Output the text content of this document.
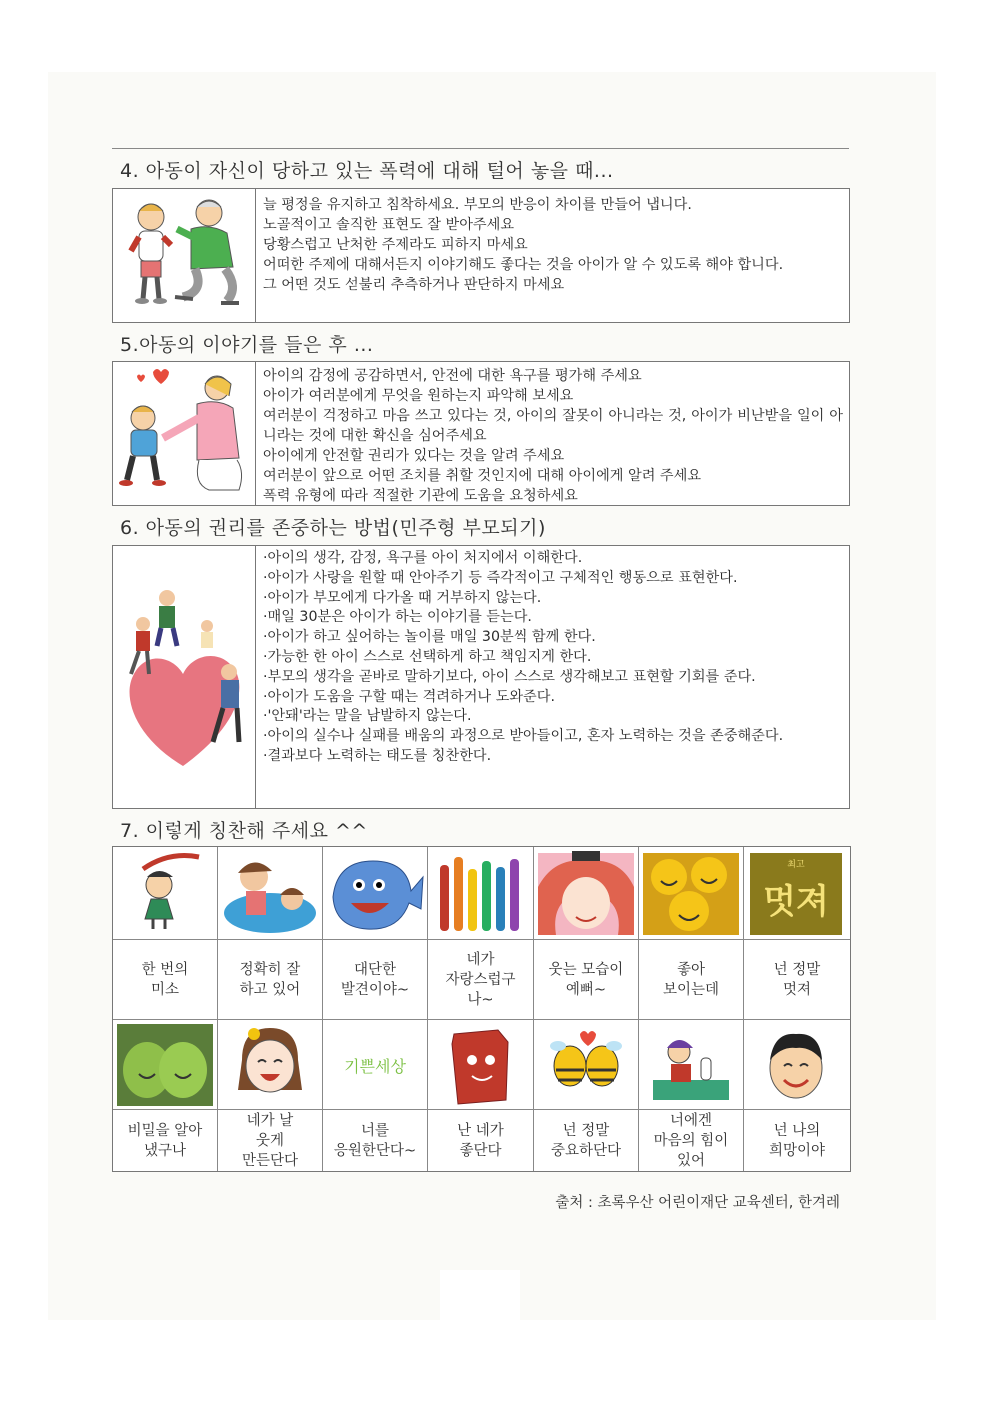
4. 아동이 자신이 당하고 있는 폭력에 대해 털어 놓을 때...
늘 평정을 유지하고 침착하세요. 부모의 반응이 차이를 만들어 냅니다.
노골적이고 솔직한 표현도 잘 받아주세요
당황스럽고 난처한 주제라도 피하지 마세요
어떠한 주제에 대해서든지 이야기해도 좋다는 것을 아이가 알 수 있도록 해야 합니다.
그 어떤 것도 섣불리 추측하거나 판단하지 마세요
5.아동의 이야기를 들은 후 ...
아이의 감정에 공감하면서, 안전에 대한 욕구를 평가해 주세요
아이가 여러분에게 무엇을 원하는지 파악해 보세요
여러분이 걱정하고 마음 쓰고 있다는 것, 아이의 잘못이 아니라는 것, 아이가 비난받을 일이 아니라는 것에 대한 확신을 심어주세요
아이에게 안전할 권리가 있다는 것을 알려 주세요
여러분이 앞으로 어떤 조치를 취할 것인지에 대해 아이에게 알려 주세요
폭력 유형에 따라 적절한 기관에 도움을 요청하세요
6. 아동의 권리를 존중하는 방법(민주형 부모되기)
·아이의 생각, 감정, 욕구를 아이 처지에서 이해한다.
·아이가 사랑을 원할 때 안아주기 등 즉각적이고 구체적인 행동으로 표현한다.
·아이가 부모에게 다가올 때 거부하지 않는다.
·매일 30분은 아이가 하는 이야기를 듣는다.
·아이가 하고 싶어하는 놀이를 매일 30분씩 함께 한다.
·가능한 한 아이 스스로 선택하게 하고 책임지게 한다.
·부모의 생각을 곧바로 말하기보다, 아이 스스로 생각해보고 표현할 기회를 준다.
·아이가 도움을 구할 때는 격려하거나 도와준다.
·'안돼'라는 말을 남발하지 않는다.
·아이의 실수나 실패를 배움의 과정으로 받아들이고, 혼자 노력하는 것을 존중해준다.
·결과보다 노력하는 태도를 칭찬한다.
7. 이렇게 칭찬해 주세요 ^^
최고
멋져
한 번의
미소
정확히 잘
하고 있어
대단한
발견이야~
네가
자랑스럽구
나~
웃는 모습이
예뻐~
좋아
보이는데
넌 정말
멋져
기쁜세상
비밀을 알아
냈구나
네가 날
웃게
만든단다
너를
응원한단다~
난 네가
좋단다
넌 정말
중요하단다
너에겐
마음의 힘이
있어
넌 나의
희망이야
출처 : 초록우산 어린이재단 교육센터, 한겨레
